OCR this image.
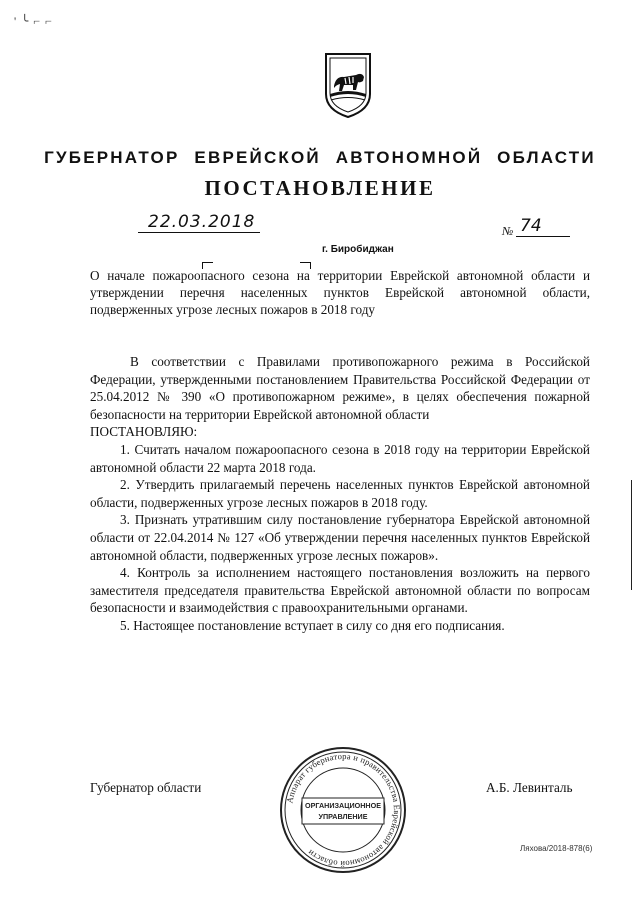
' ╰ ⌐ ⌐
ГУБЕРНАТОР ЕВРЕЙСКОЙ АВТОНОМНОЙ ОБЛАСТИ
ПОСТАНОВЛЕНИЕ
22.03.2018	№ 74
г. Биробиджан
О начале пожароопасного сезона на территории Еврейской автономной области и утверждении перечня населенных пунктов Еврейской автономной области, подверженных угрозе лесных пожаров в 2018 году

В соответствии с Правилами противопожарного режима в Российской Федерации, утвержденными постановлением Правительства Российской Федерации от 25.04.2012 № 390 «О противопожарном режиме», в целях обеспечения пожарной безопасности на территории Еврейской автономной области

ПОСТАНОВЛЯЮ:

1. Считать началом пожароопасного сезона в 2018 году на территории Еврейской автономной области 22 марта 2018 года.

2. Утвердить прилагаемый перечень населенных пунктов Еврейской автономной области, подверженных угрозе лесных пожаров в 2018 году.

3. Признать утратившим силу постановление губернатора Еврейской автономной области от 22.04.2014 № 127 «Об утверждении перечня населенных пунктов Еврейской автономной области, подверженных угрозе лесных пожаров».

4. Контроль за исполнением настоящего постановления возложить на первого заместителя председателя правительства Еврейской автономной области по вопросам безопасности и взаимодействия с правоохранительными органами.

5. Настоящее постановление вступает в силу со дня его подписания.

Губернатор области	А.Б. Левинталь
Аппарат губернатора и правительства Еврейской автономной области
ОРГАНИЗАЦИОННОЕ
УПРАВЛЕНИЕ
Ляхова/2018-878(6)
